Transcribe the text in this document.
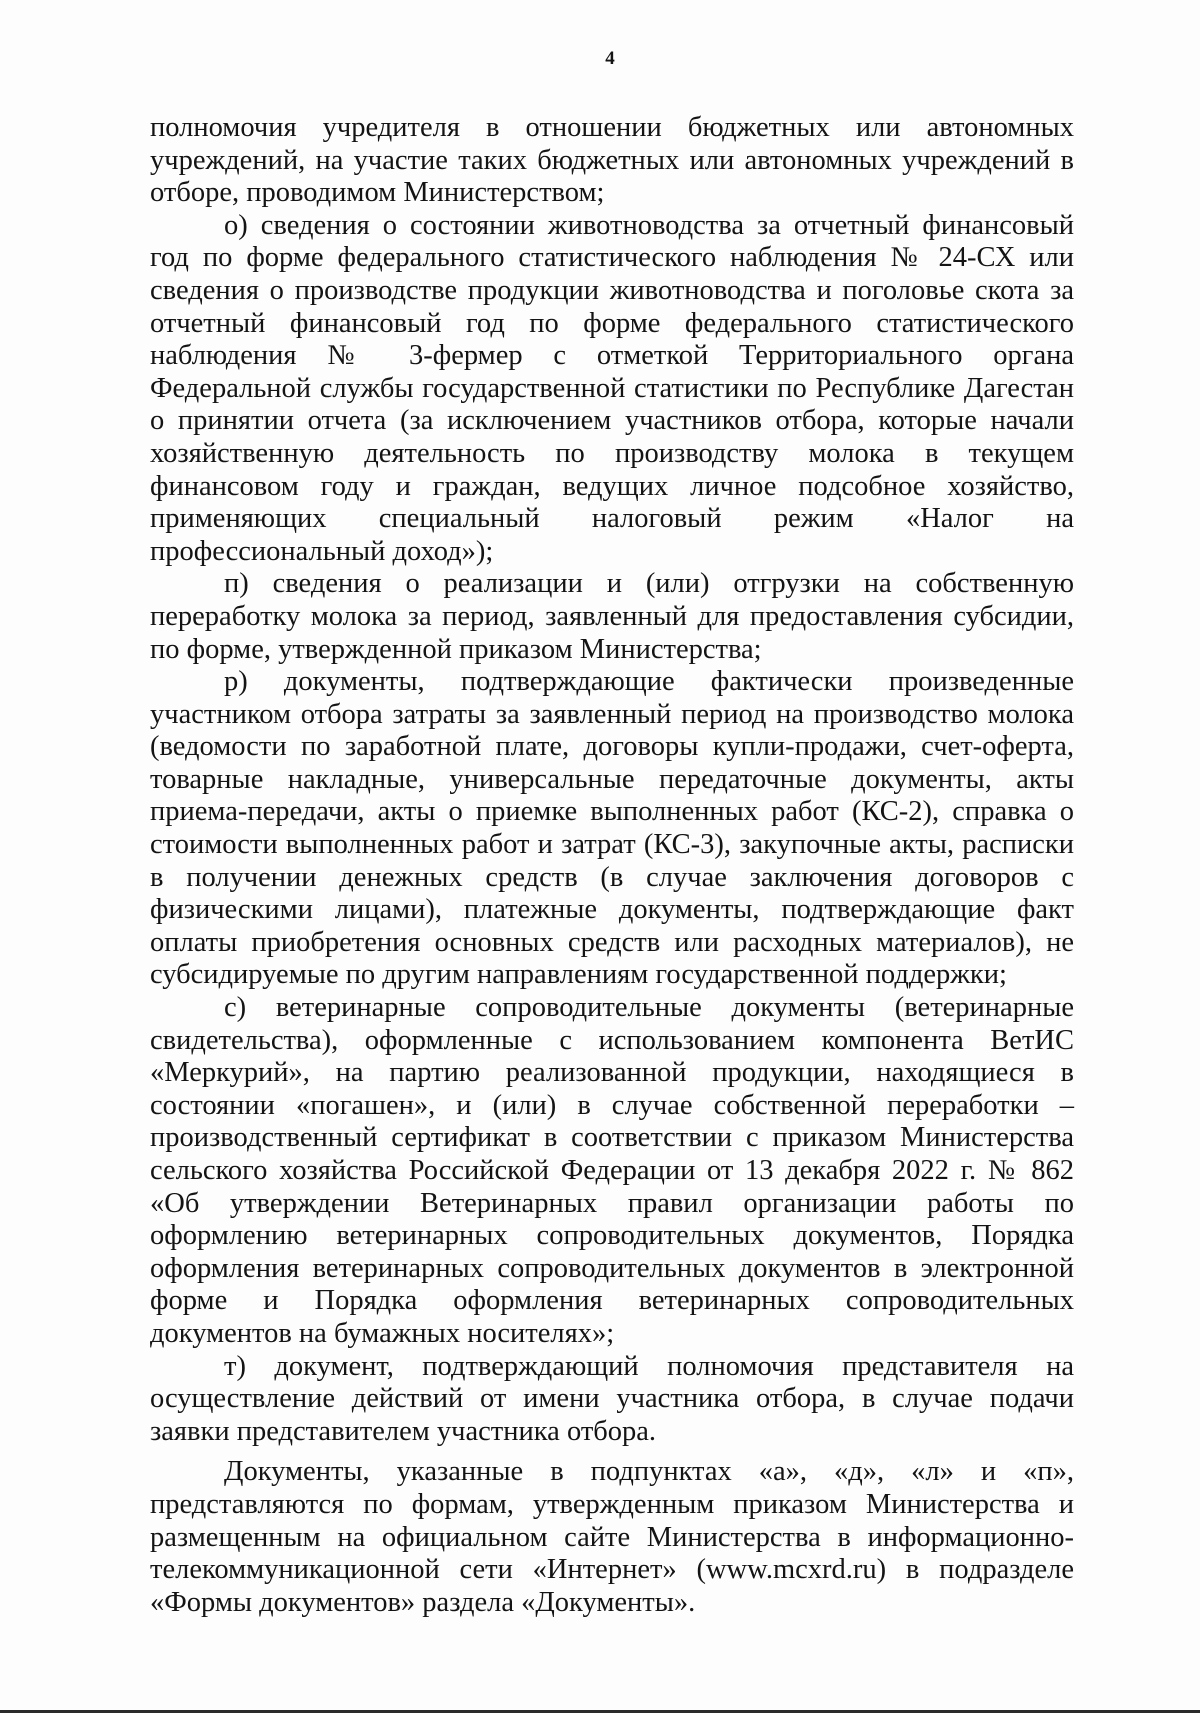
4

полномочия учредителя в отношении бюджетных или автономных учреждений, на участие таких бюджетных или автономных учреждений в отборе, проводимом Министерством;

о) сведения о состоянии животноводства за отчетный финансовый год по форме федерального статистического наблюдения № 24-СХ или сведения о производстве продукции животноводства и поголовье скота за отчетный финансовый год по форме федерального статистического наблюдения № 3-фермер с отметкой Территориального органа Федеральной службы государственной статистики по Республике Дагестан о принятии отчета (за исключением участников отбора, которые начали хозяйственную деятельность по производству молока в текущем финансовом году и граждан, ведущих личное подсобное хозяйство, применяющих специальный налоговый режим «Налог на профессиональный доход»);

п) сведения о реализации и (или) отгрузки на собственную переработку молока за период, заявленный для предоставления субсидии, по форме, утвержденной приказом Министерства;

р) документы, подтверждающие фактически произведенные участником отбора затраты за заявленный период на производство молока (ведомости по заработной плате, договоры купли-продажи, счет-оферта, товарные накладные, универсальные передаточные документы, акты приема-передачи, акты о приемке выполненных работ (КС-2), справка о стоимости выполненных работ и затрат (КС-3), закупочные акты, расписки в получении денежных средств (в случае заключения договоров с физическими лицами), платежные документы, подтверждающие факт оплаты приобретения основных средств или расходных материалов), не субсидируемые по другим направлениям государственной поддержки;

с) ветеринарные сопроводительные документы (ветеринарные свидетельства), оформленные с использованием компонента ВетИС «Меркурий», на партию реализованной продукции, находящиеся в состоянии «погашен», и (или) в случае собственной переработки – производственный сертификат в соответствии с приказом Министерства сельского хозяйства Российской Федерации от 13 декабря 2022 г. № 862 «Об утверждении Ветеринарных правил организации работы по оформлению ветеринарных сопроводительных документов, Порядка оформления ветеринарных сопроводительных документов в электронной форме и Порядка оформления ветеринарных сопроводительных документов на бумажных носителях»;

т) документ, подтверждающий полномочия представителя на осуществление действий от имени участника отбора, в случае подачи заявки представителем участника отбора.

Документы, указанные в подпунктах «а», «д», «л» и «п», представляются по формам, утвержденным приказом Министерства и размещенным на официальном сайте Министерства в информационно-телекоммуникационной сети «Интернет» (www.mcxrd.ru) в подразделе «Формы документов» раздела «Документы».
